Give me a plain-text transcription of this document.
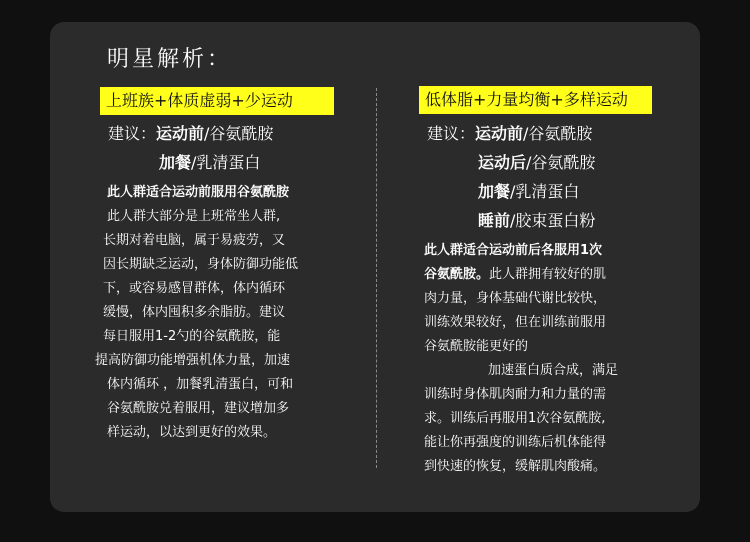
明星解析：
上班族+体质虚弱+少运动
建议：运动前/谷氨酰胺
加餐/乳清蛋白
此人群适合运动前服用谷氨酰胺
此人群大部分是上班常坐人群,
长期对着电脑，属于易疲劳，又
因长期缺乏运动，身体防御功能低
下，或容易感冒群体，体内循环
缓慢，体内囤积多余脂肪。建议
每日服用1-2勺的谷氨酰胺，能
提高防御功能增强机体力量，加速
体内循环 ，加餐乳清蛋白，可和
谷氨酰胺兑着服用，建议增加多
样运动，以达到更好的效果。
低体脂+力量均衡+多样运动
建议：运动前/谷氨酰胺
运动后/谷氨酰胺
加餐/乳清蛋白
睡前/胶束蛋白粉
此人群适合运动前后各服用1次
谷氨酰胺。此人群拥有较好的肌
肉力量，身体基础代谢比较快，
训练效果较好，但在训练前服用
谷氨酰胺能更好的
加速蛋白质合成，满足
训练时身体肌肉耐力和力量的需
求。训练后再服用1次谷氨酰胺,
能让你再强度的训练后机体能得
到快速的恢复，缓解肌肉酸痛。
